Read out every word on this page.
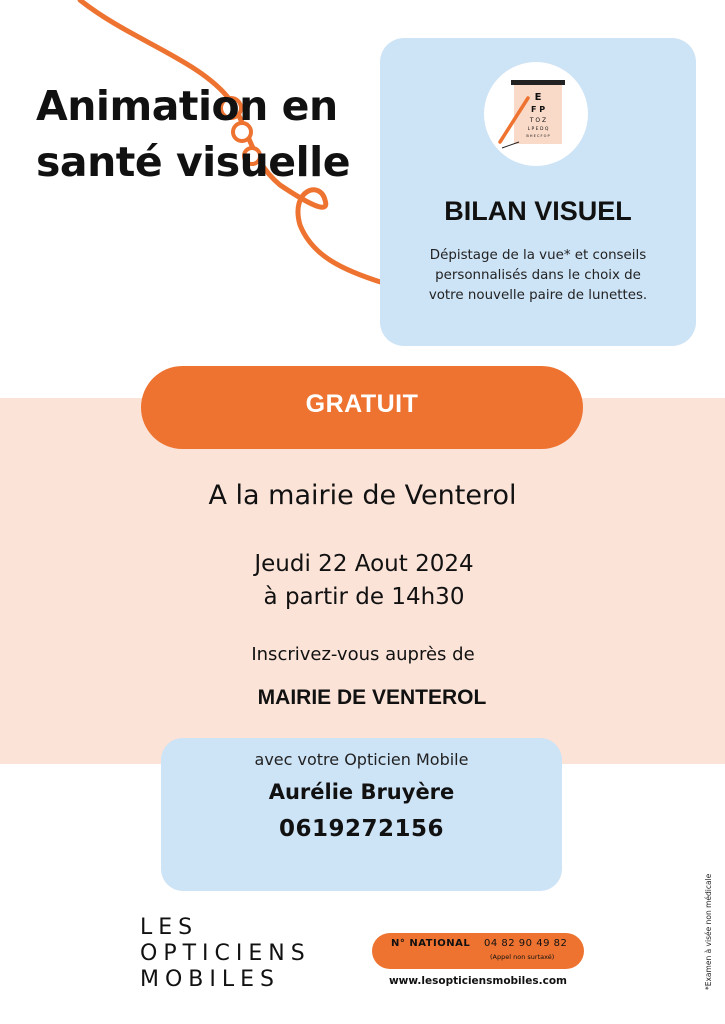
Animation en
santé visuelle
E
F P
T O Z
L P E D Q
B H E C F O P
BILAN VISUEL
Dépistage de la vue* et conseils
personnalisés dans le choix de
votre nouvelle paire de lunettes.
GRATUIT
A la mairie de Venterol
Jeudi 22 Aout 2024
à partir de 14h30
Inscrivez-vous auprès de
MAIRIE DE VENTEROL
avec votre Opticien Mobile
Aurélie Bruyère
0619272156
LES
OPTICIENS
MOBILES
N° NATIONAL 04 82 90 49 82
(Appel non surtaxé)
www.lesopticiensmobiles.com	*Examen à visée non médicale
